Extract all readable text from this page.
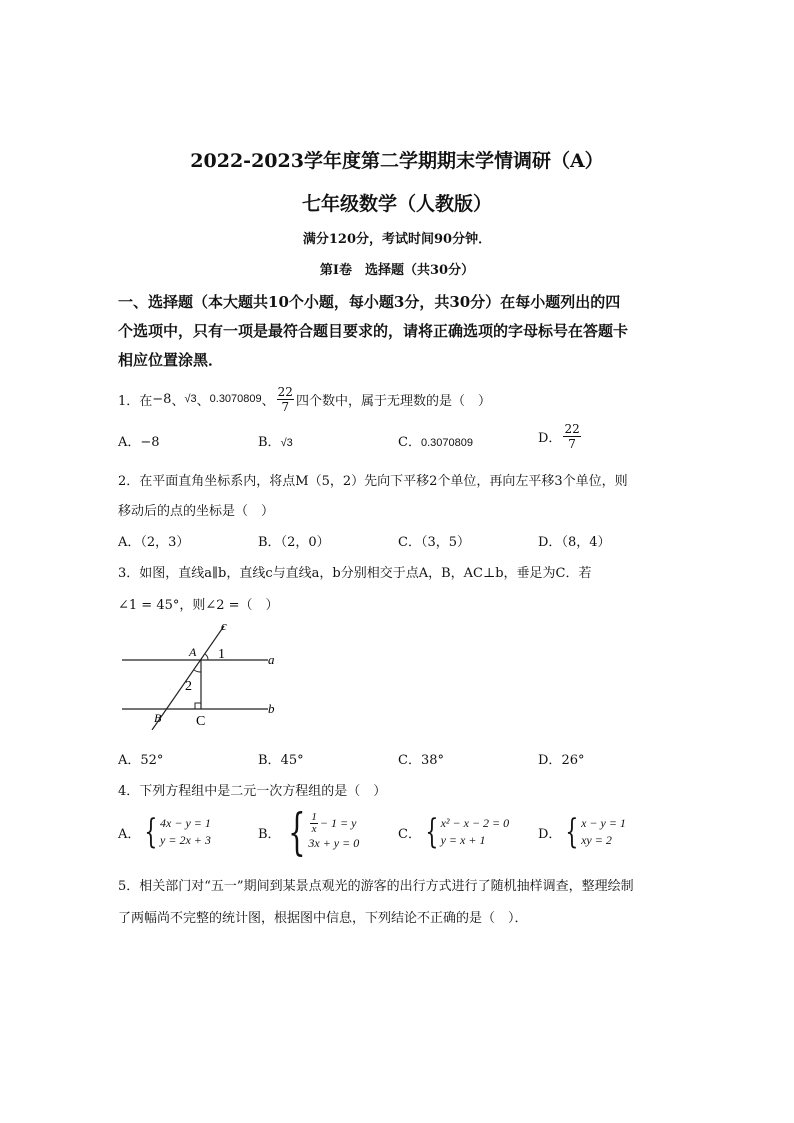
2022-2023学年度第二学期期末学情调研（A）
七年级数学（人教版）
满分120分，考试时间90分钟．
第Ⅰ卷　选择题（共30分）
一、选择题（本大题共10个小题，每小题3分，共30分）在每小题列出的四
个选项中，只有一项是最符合题目要求的，请将正确选项的字母标号在答题卡
相应位置涂黑．
1．在 −8 、 √3 、 0.3070809 、 $\frac{22}{7}$ 四个数中，属于无理数的是（　）
A．−8	B．√3	C．0.3070809	D． $\frac{22}{7}$
2．在平面直角坐标系内，将点M（5，2）先向下平移2个单位，再向左平移3个单位，则
移动后的点的坐标是（　）
A．（2，3）	B．（2，0）	C．（3，5）	D．（8，4）
3．如图，直线a∥b，直线c与直线a，b分别相交于点A，B，AC⊥b，垂足为C．若
∠1 = 45°，则∠2 =（　）
c
A 1	a
2
B C
b
A．52°	B．45°	C．38°	D．26°
4．下列方程组中是二元一次方程组的是（　）
A． { 4x − y = 1
y = 2x + 3	B． { $\frac{1}{x} - 1 = y$
3x + y = 0
C． { x² − x − 2 = 0
y = x + 1	D． { x − y = 1
xy = 2
5．相关部门对“五一”期间到某景点观光的游客的出行方式进行了随机抽样调查，整理绘制
了两幅尚不完整的统计图，根据图中信息，下列结论不正确的是（　）．
